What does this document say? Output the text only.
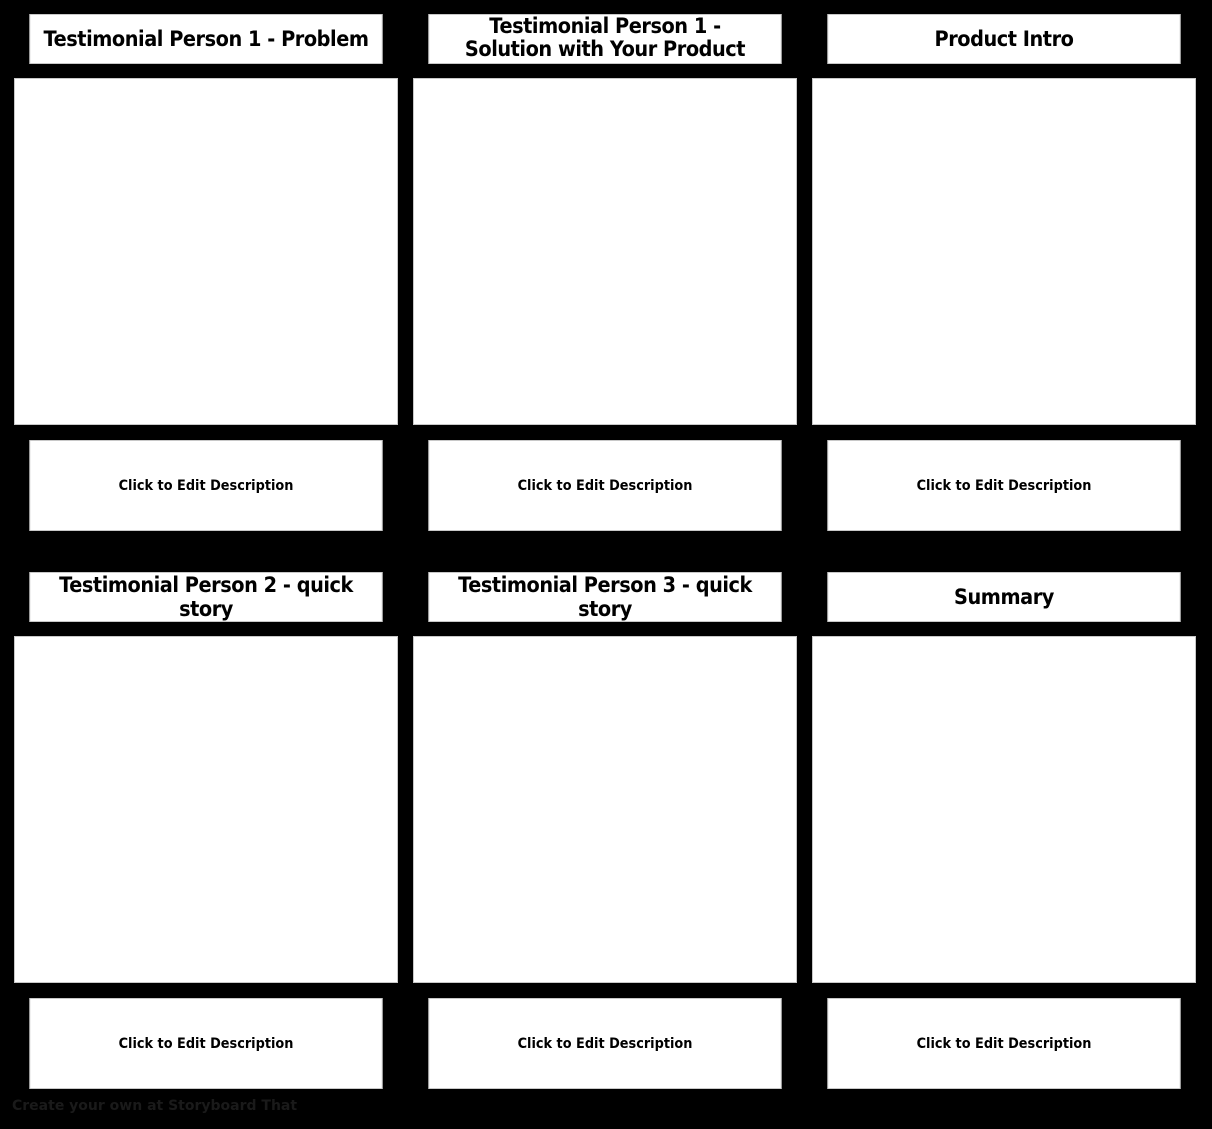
Testimonial Person 1 - Problem
Testimonial Person 1 - Solution with Your Product	Product Intro
Click to Edit Description	Click to Edit Description	Click to Edit Description
Testimonial Person 2 - quick story
Testimonial Person 3 - quick story	Summary
Click to Edit Description	Click to Edit Description	Click to Edit Description
Create your own at Storyboard That
